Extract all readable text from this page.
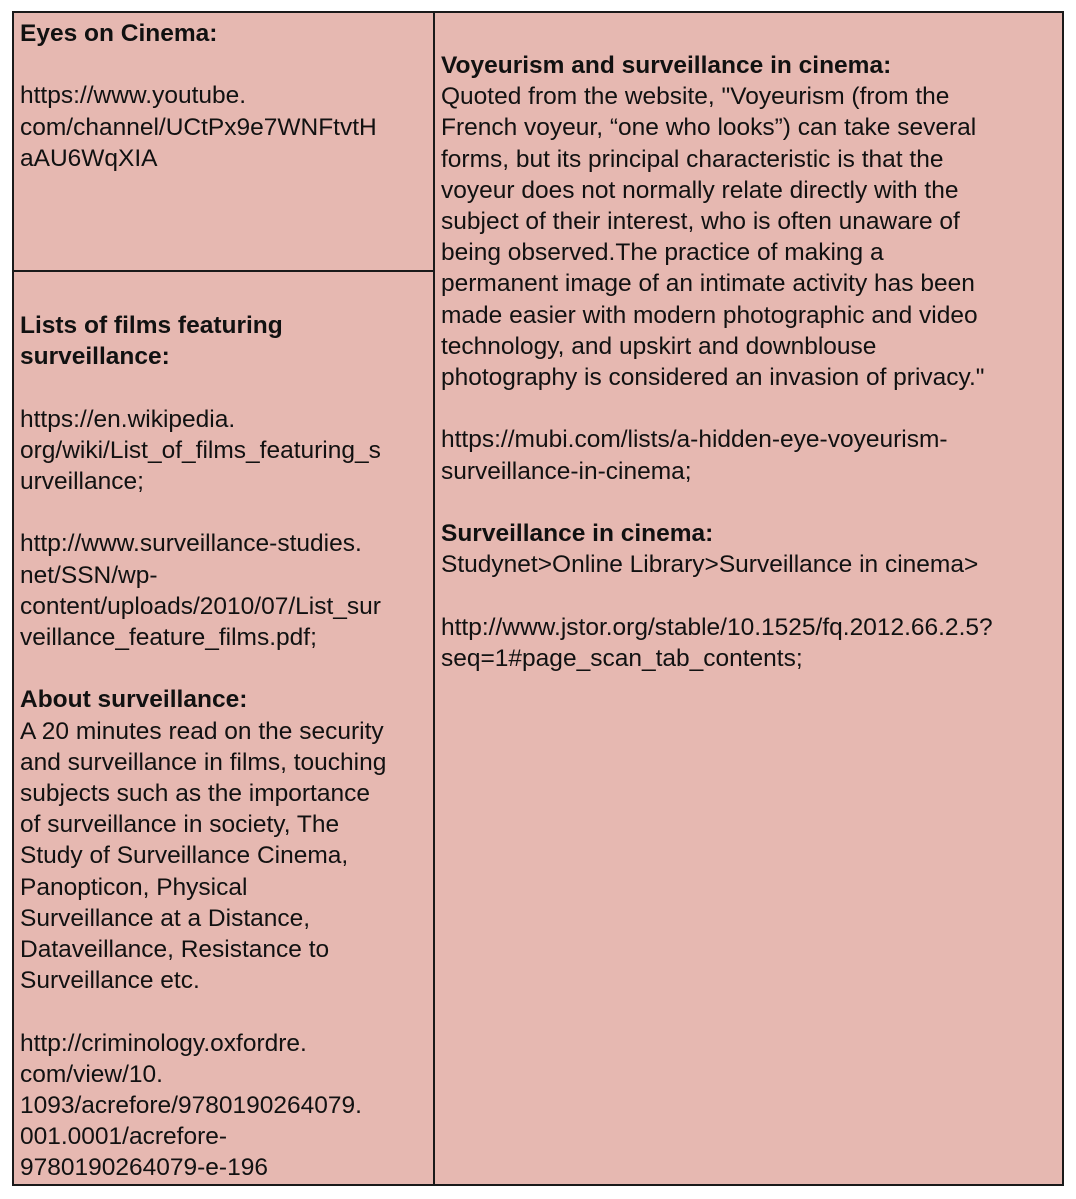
Eyes on Cinema:
https://www.youtube.
com/channel/UCtPx9e7WNFtvtH
aAU6WqXIA
Lists of films featuring
surveillance:
https://en.wikipedia.
org/wiki/List_of_films_featuring_s
urveillance;
http://www.surveillance-studies.
net/SSN/wp-
content/uploads/2010/07/List_sur
veillance_feature_films.pdf;
About surveillance:
A 20 minutes read on the security
and surveillance in films, touching
subjects such as the importance
of surveillance in society, The
Study of Surveillance Cinema,
Panopticon, Physical
Surveillance at a Distance,
Dataveillance, Resistance to
Surveillance etc.
http://criminology.oxfordre.
com/view/10.
1093/acrefore/9780190264079.
001.0001/acrefore-
9780190264079-e-196
Voyeurism and surveillance in cinema:
Quoted from the website, "Voyeurism (from the
French voyeur, “one who looks”) can take several
forms, but its principal characteristic is that the
voyeur does not normally relate directly with the
subject of their interest, who is often unaware of
being observed.The practice of making a
permanent image of an intimate activity has been
made easier with modern photographic and video
technology, and upskirt and downblouse
photography is considered an invasion of privacy."
https://mubi.com/lists/a-hidden-eye-voyeurism-
surveillance-in-cinema;
Surveillance in cinema:
Studynet>Online Library>Surveillance in cinema>
http://www.jstor.org/stable/10.1525/fq.2012.66.2.5?
seq=1#page_scan_tab_contents;
